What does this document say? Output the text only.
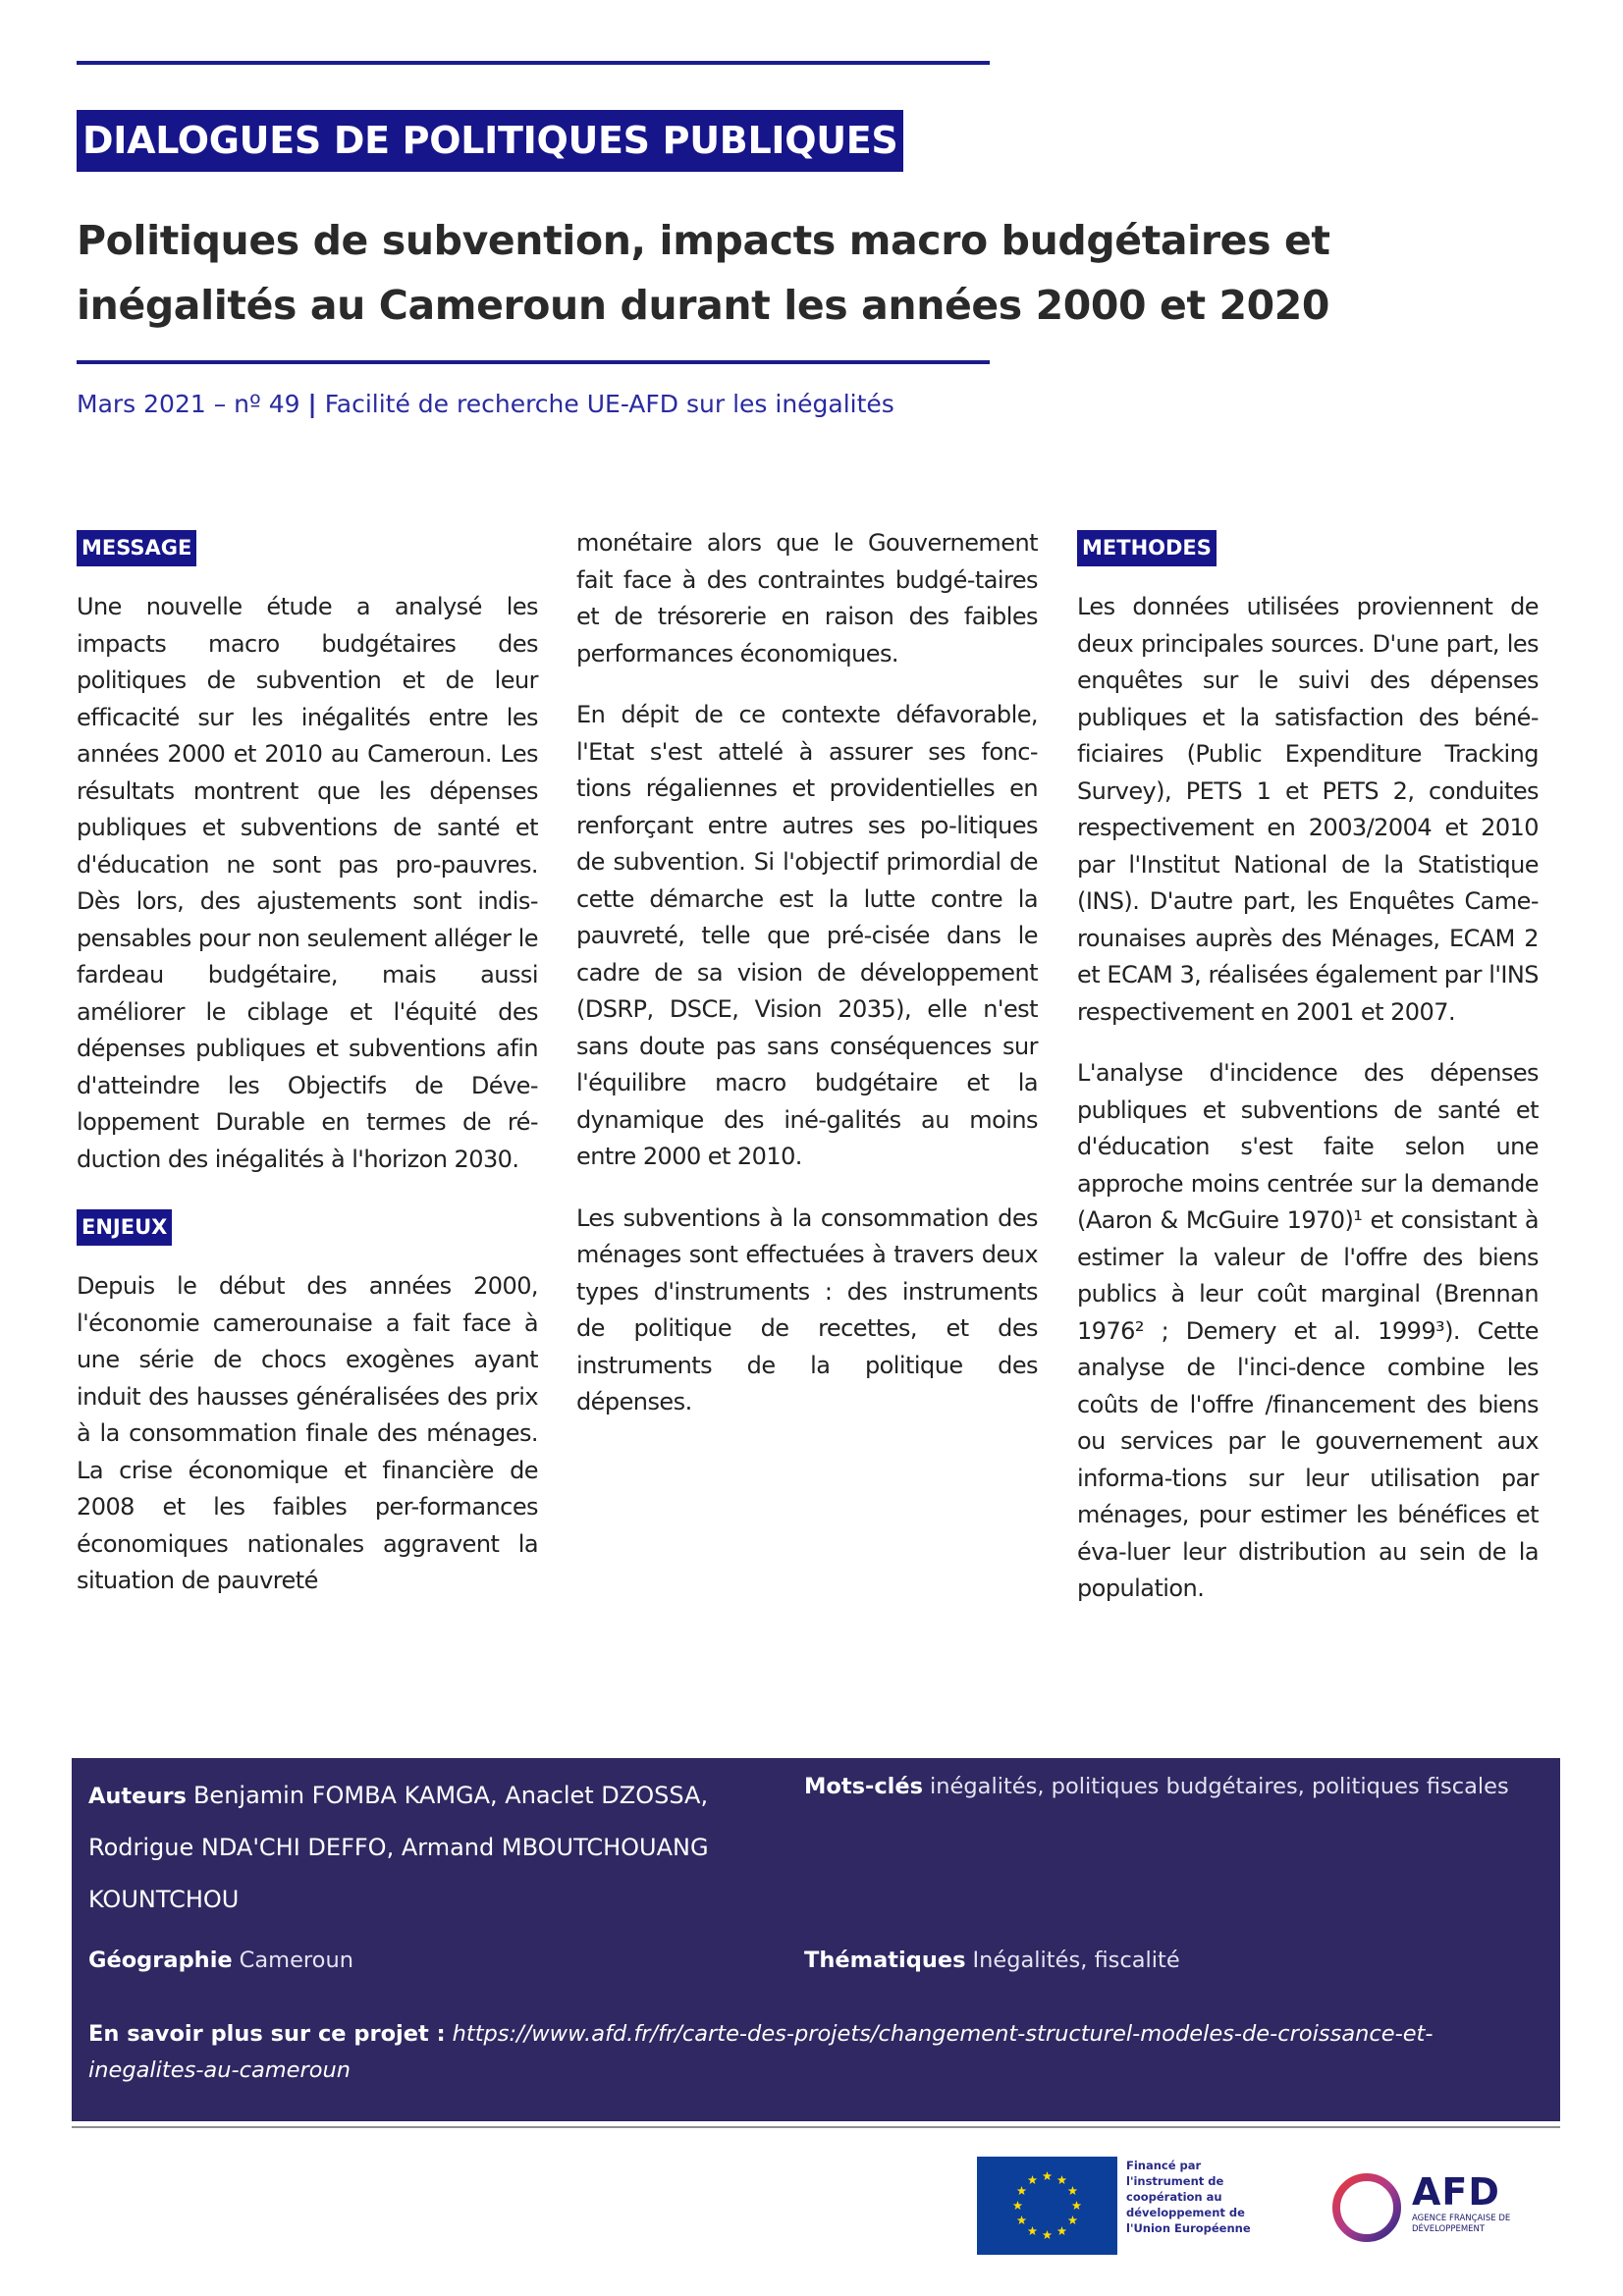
DIALOGUES DE POLITIQUES PUBLIQUES
Politiques de subvention, impacts macro budgétaires et
inégalités au Cameroun durant les années 2000 et 2020
Mars 2021 – nº 49 | Facilité de recherche UE-AFD sur les inégalités
MESSAGE

Une nouvelle étude a analysé les impacts macro budgétaires des politiques de subvention et de leur efficacité sur les inégalités entre les années 2000 et 2010 au Cameroun. Les résultats montrent que les dépenses publiques et subventions de santé et d'éducation ne sont pas pro-pauvres. Dès lors, des ajustements sont indis-pensables pour non seulement alléger le fardeau budgétaire, mais aussi améliorer le ciblage et l'équité des dépenses publiques et subventions afin d'atteindre les Objectifs de Déve-loppement Durable en termes de ré-duction des inégalités à l'horizon 2030.

ENJEUX

Depuis le début des années 2000, l'économie camerounaise a fait face à une série de chocs exogènes ayant induit des hausses généralisées des prix à la consommation finale des ménages. La crise économique et financière de 2008 et les faibles per-formances économiques nationales aggravent la situation de pauvreté

monétaire alors que le Gouvernement fait face à des contraintes budgé-taires et de trésorerie en raison des faibles performances économiques.

En dépit de ce contexte défavorable, l'Etat s'est attelé à assurer ses fonc-tions régaliennes et providentielles en renforçant entre autres ses po-litiques de subvention. Si l'objectif primordial de cette démarche est la lutte contre la pauvreté, telle que pré-cisée dans le cadre de sa vision de développement (DSRP, DSCE, Vision 2035), elle n'est sans doute pas sans conséquences sur l'équilibre macro budgétaire et la dynamique des iné-galités au moins entre 2000 et 2010.

Les subventions à la consommation des ménages sont effectuées à travers deux types d'instruments : des instruments de politique de recettes, et des instruments de la politique des dépenses.

METHODES

Les données utilisées proviennent de deux principales sources. D'une part, les enquêtes sur le suivi des dépenses publiques et la satisfaction des béné-ficiaires (Public Expenditure Tracking Survey), PETS 1 et PETS 2, conduites respectivement en 2003/2004 et 2010 par l'Institut National de la Statistique (INS). D'autre part, les Enquêtes Came-rounaises auprès des Ménages, ECAM 2 et ECAM 3, réalisées également par l'INS respectivement en 2001 et 2007.

L'analyse d'incidence des dépenses publiques et subventions de santé et d'éducation s'est faite selon une approche moins centrée sur la demande (Aaron & McGuire 1970)¹ et consistant à estimer la valeur de l'offre des biens publics à leur coût marginal (Brennan 1976² ; Demery et al. 1999³). Cette analyse de l'inci-dence combine les coûts de l'offre /financement des biens ou services par le gouvernement aux informa-tions sur leur utilisation par ménages, pour estimer les bénéfices et éva-luer leur distribution au sein de la population.

Auteurs Benjamin FOMBA KAMGA, Anaclet DZOSSA, Rodrigue NDA'CHI DEFFO, Armand MBOUTCHOUANG KOUNTCHOU
Mots-clés inégalités, politiques budgétaires, politiques fiscales
Géographie Cameroun	Thématiques Inégalités, fiscalité
En savoir plus sur ce projet : https://www.afd.fr/fr/carte-des-projets/changement-structurel-modeles-de-croissance-et-inegalites-au-cameroun
Financé par l'instrument de coopération au développement de l'Union Européenne
AFD
AGENCE FRANÇAISE DE DÉVELOPPEMENT
